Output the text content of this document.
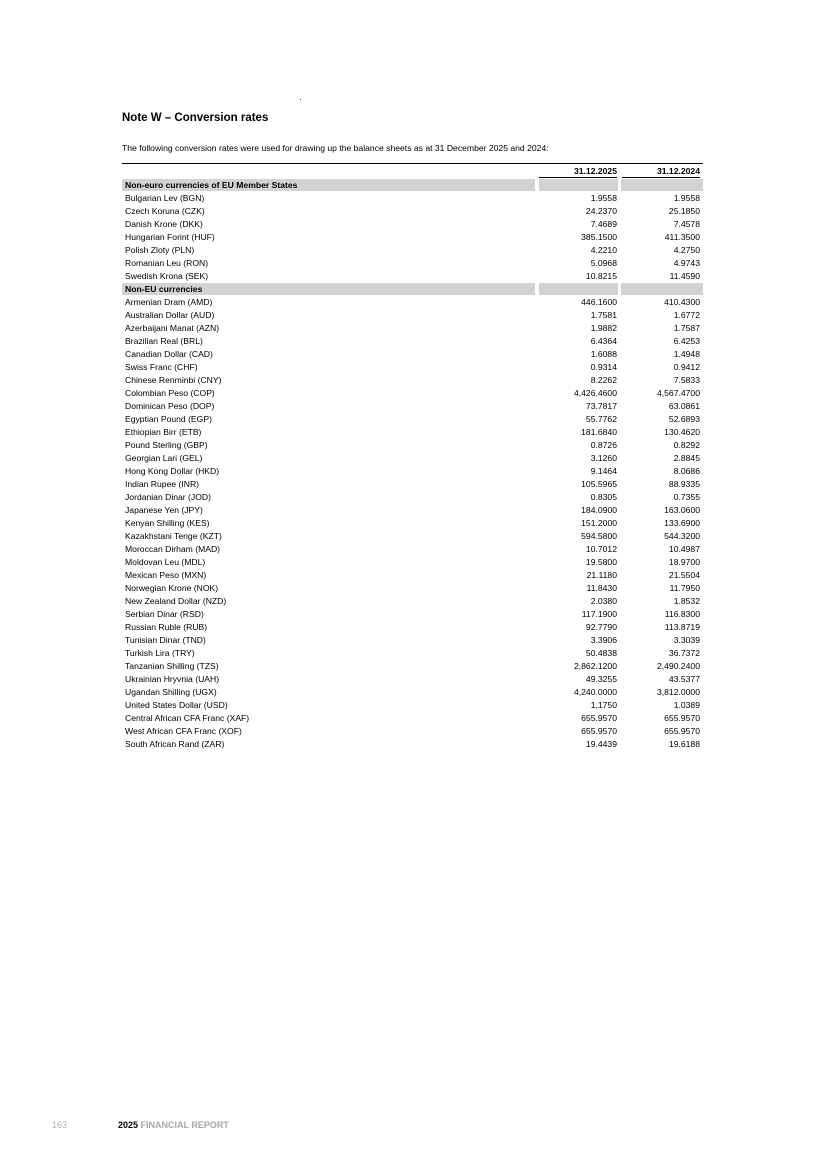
Note W – Conversion rates
The following conversion rates were used for drawing up the balance sheets as at 31 December 2025 and 2024:
31.12.2025	31.12.2024
Non-euro currencies of EU Member States
Bulgarian Lev (BGN)	1.9558	1.9558
Czech Koruna (CZK)	24.2370	25.1850
Danish Krone (DKK)	7.4689	7.4578
Hungarian Forint (HUF)	385.1500	411.3500
Polish Zloty (PLN)	4.2210	4.2750
Romanian Leu (RON)	5.0968	4.9743
Swedish Krona (SEK)	10.8215	11.4590
Non-EU currencies
Armenian Dram (AMD)	446.1600	410.4300
Australian Dollar (AUD)	1.7581	1.6772
Azerbaijani Manat (AZN)	1.9882	1.7587
Brazilian Real (BRL)	6.4364	6.4253
Canadian Dollar (CAD)	1.6088	1.4948
Swiss Franc (CHF)	0.9314	0.9412
Chinese Renminbi (CNY)	8.2262	7.5833
Colombian Peso (COP)	4,426.4600	4,567.4700
Dominican Peso (DOP)	73.7817	63.0861
Egyptian Pound (EGP)	55.7762	52.6893
Ethiopian Birr (ETB)	181.6840	130.4620
Pound Sterling (GBP)	0.8726	0.8292
Georgian Lari (GEL)	3.1260	2.8845
Hong Kong Dollar (HKD)	9.1464	8.0686
Indian Rupee (INR)	105.5965	88.9335
Jordanian Dinar (JOD)	0.8305	0.7355
Japanese Yen (JPY)	184.0900	163.0600
Kenyan Shilling (KES)	151.2000	133.6900
Kazakhstani Tenge (KZT)	594.5800	544.3200
Moroccan Dirham (MAD)	10.7012	10.4987
Moldovan Leu (MDL)	19.5800	18.9700
Mexican Peso (MXN)	21.1180	21.5504
Norwegian Krone (NOK)	11.8430	11.7950
New Zealand Dollar (NZD)	2.0380	1.8532
Serbian Dinar (RSD)	117.1900	116.8300
Russian Ruble (RUB)	92.7790	113.8719
Tunisian Dinar (TND)	3.3906	3.3039
Turkish Lira (TRY)	50.4838	36.7372
Tanzanian Shilling (TZS)	2,862.1200	2,490.2400
Ukrainian Hryvnia (UAH)	49.3255	43.5377
Ugandan Shilling (UGX)	4,240.0000	3,812.0000
United States Dollar (USD)	1.1750	1.0389
Central African CFA Franc (XAF)	655.9570	655.9570
West African CFA Franc (XOF)	655.9570	655.9570
South African Rand (ZAR)	19.4439	19.6188
163	2025 FINANCIAL REPORT
